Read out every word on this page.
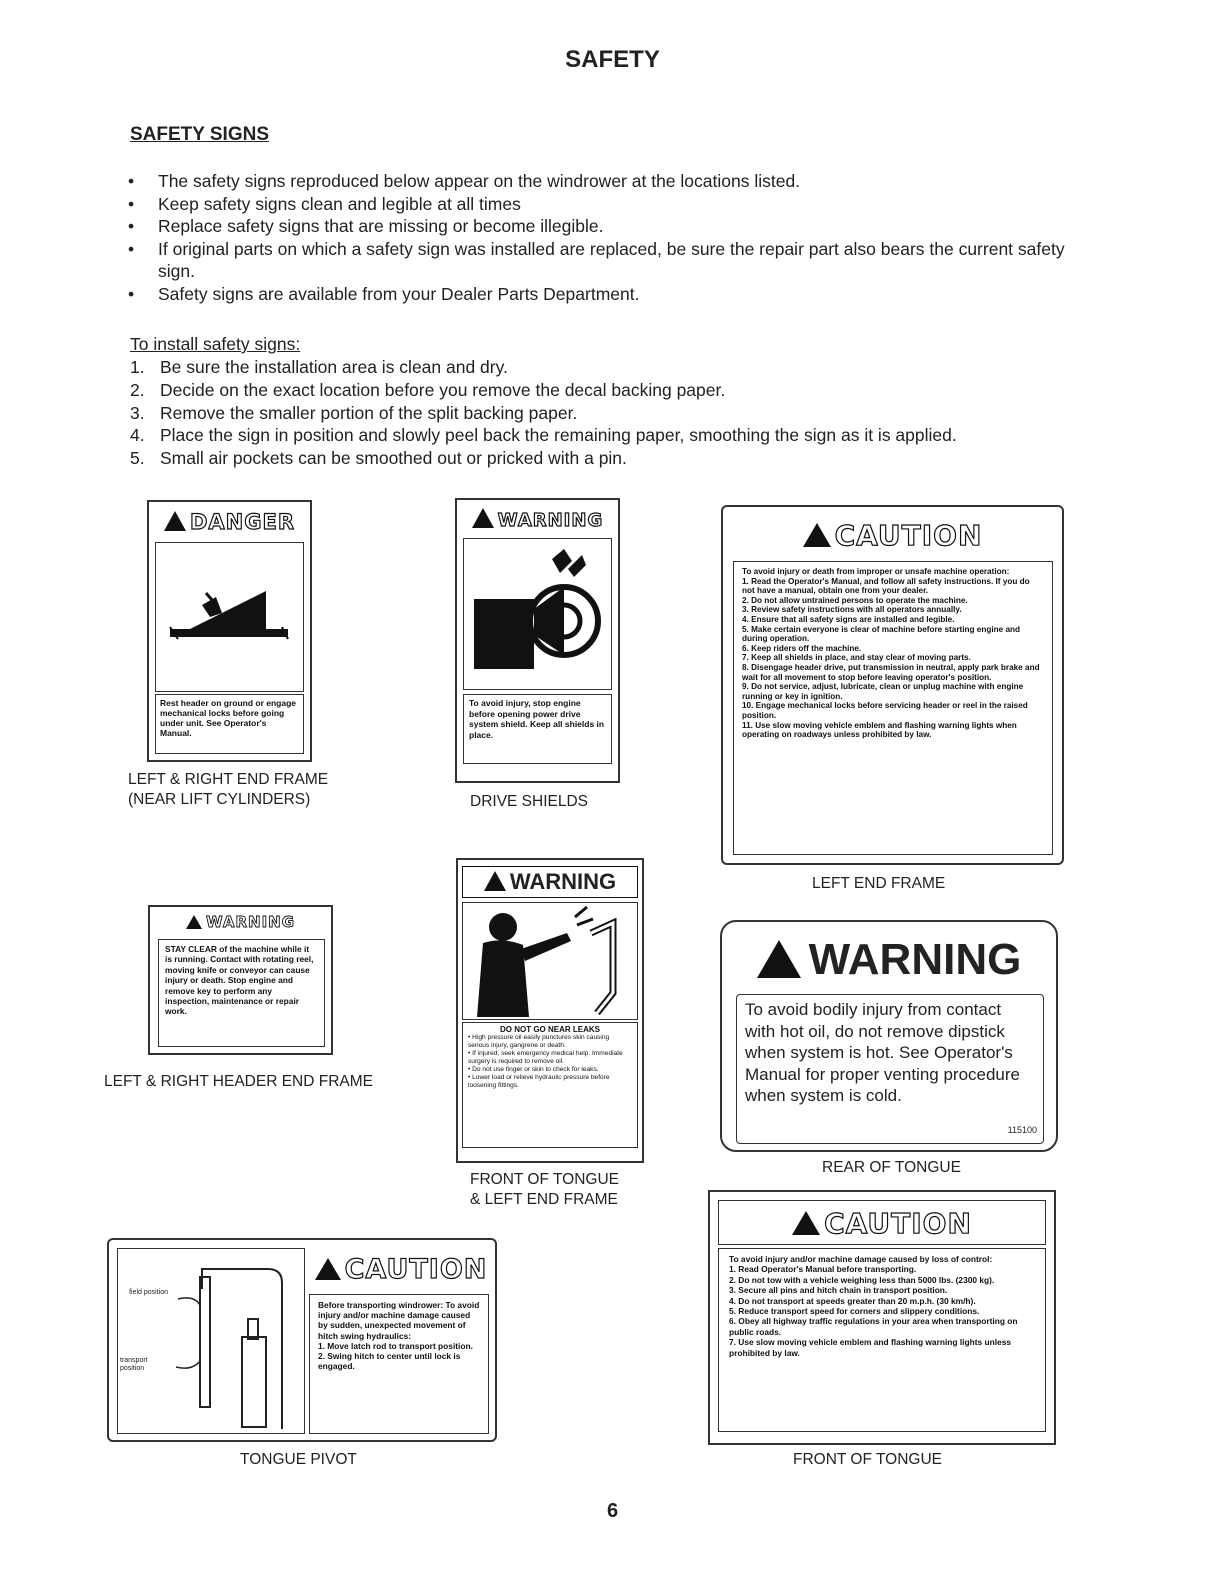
SAFETY
SAFETY SIGNS
• The safety signs reproduced below appear on the windrower at the locations listed.
• Keep safety signs clean and legible at all times
• Replace safety signs that are missing or become illegible.
• If original parts on which a safety sign was installed are replaced, be sure the repair part also bears the current safety sign.
• Safety signs are available from your Dealer Parts Department.
To install safety signs:
1. Be sure the installation area is clean and dry.
2. Decide on the exact location before you remove the decal backing paper.
3. Remove the smaller portion of the split backing paper.
4. Place the sign in position and slowly peel back the remaining paper, smoothing the sign as it is applied.
5. Small air pockets can be smoothed out or pricked with a pin.
DANGER
Rest header on ground or engage mechanical locks before going under unit. See Operator's Manual.
LEFT & RIGHT END FRAME
(NEAR LIFT CYLINDERS)
WARNING
To avoid injury, stop engine before opening power drive system shield. Keep all shields in place.
DRIVE SHIELDS
CAUTION
To avoid injury or death from improper or unsafe machine operation:
1. Read the Operator's Manual, and follow all safety instructions. If you do not have a manual, obtain one from your dealer.
2. Do not allow untrained persons to operate the machine.
3. Review safety instructions with all operators annually.
4. Ensure that all safety signs are installed and legible.
5. Make certain everyone is clear of machine before starting engine and during operation.
6. Keep riders off the machine.
7. Keep all shields in place, and stay clear of moving parts.
8. Disengage header drive, put transmission in neutral, apply park brake and wait for all movement to stop before leaving operator's position.
9. Do not service, adjust, lubricate, clean or unplug machine with engine running or key in ignition.
10. Engage mechanical locks before servicing header or reel in the raised position.
11. Use slow moving vehicle emblem and flashing warning lights when operating on roadways unless prohibited by law.
LEFT END FRAME
WARNING
STAY CLEAR of the machine while it is running. Contact with rotating reel, moving knife or conveyor can cause injury or death. Stop engine and remove key to perform any inspection, maintenance or repair work.
LEFT & RIGHT HEADER END FRAME
WARNING
DO NOT GO NEAR LEAKS
• High pressure oil easily punctures skin causing serious injury, gangrene or death.
• If injured, seek emergency medical help. Immediate surgery is required to remove oil.
• Do not use finger or skin to check for leaks.
• Lower load or relieve hydraulic pressure before loosening fittings.
FRONT OF TONGUE
& LEFT END FRAME
WARNING
To avoid bodily injury from contact with hot oil, do not remove dipstick when system is hot. See Operator's Manual for proper venting procedure when system is cold.
115100
REAR OF TONGUE
field position
transport position
CAUTION
Before transporting windrower: To avoid injury and/or machine damage caused by sudden, unexpected movement of hitch swing hydraulics:
1. Move latch rod to transport position.
2. Swing hitch to center until lock is engaged.
TONGUE PIVOT
CAUTION
To avoid injury and/or machine damage caused by loss of control:
1. Read Operator's Manual before transporting.
2. Do not tow with a vehicle weighing less than 5000 lbs. (2300 kg).
3. Secure all pins and hitch chain in transport position.
4. Do not transport at speeds greater than 20 m.p.h. (30 km/h).
5. Reduce transport speed for corners and slippery conditions.
6. Obey all highway traffic regulations in your area when transporting on public roads.
7. Use slow moving vehicle emblem and flashing warning lights unless prohibited by law.
FRONT OF TONGUE
6
